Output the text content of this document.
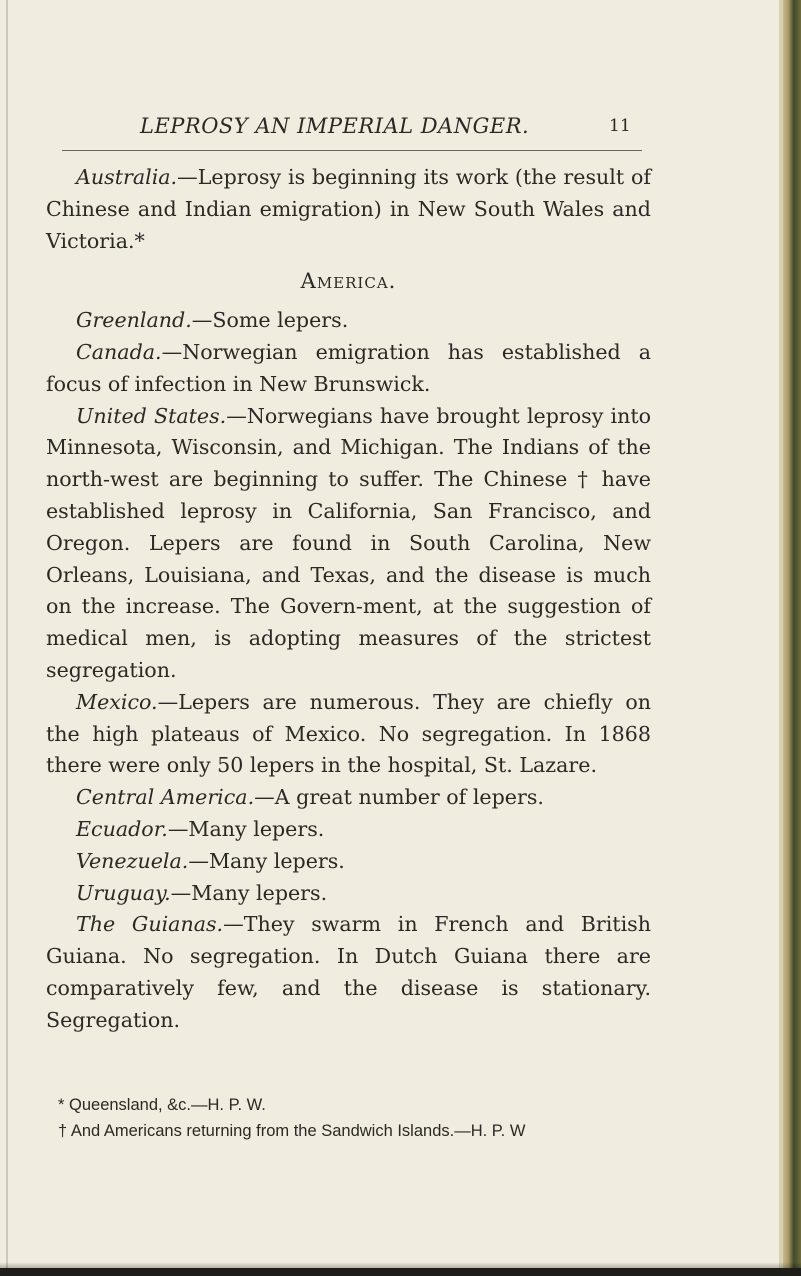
LEPROSY AN IMPERIAL DANGER.	11

Australia.—Leprosy is beginning its work (the result of Chinese and Indian emigration) in New South Wales and Victoria.*

America.

Greenland.—Some lepers.

Canada.—Norwegian emigration has established a focus of infection in New Brunswick.

United States.—Norwegians have brought leprosy into Minnesota, Wisconsin, and Michigan. The Indians of the north-west are beginning to suffer. The Chinese † have established leprosy in California, San Francisco, and Oregon. Lepers are found in South Carolina, New Orleans, Louisiana, and Texas, and the disease is much on the increase. The Govern-ment, at the suggestion of medical men, is adopting measures of the strictest segregation.

Mexico.—Lepers are numerous. They are chiefly on the high plateaus of Mexico. No segregation. In 1868 there were only 50 lepers in the hospital, St. Lazare.

Central America.—A great number of lepers.

Ecuador.—Many lepers.

Venezuela.—Many lepers.

Uruguay.—Many lepers.

The Guianas.—They swarm in French and British Guiana. No segregation. In Dutch Guiana there are comparatively few, and the disease is stationary. Segregation.

* Queensland, &c.—H. P. W.

† And Americans returning from the Sandwich Islands.—H. P. W
